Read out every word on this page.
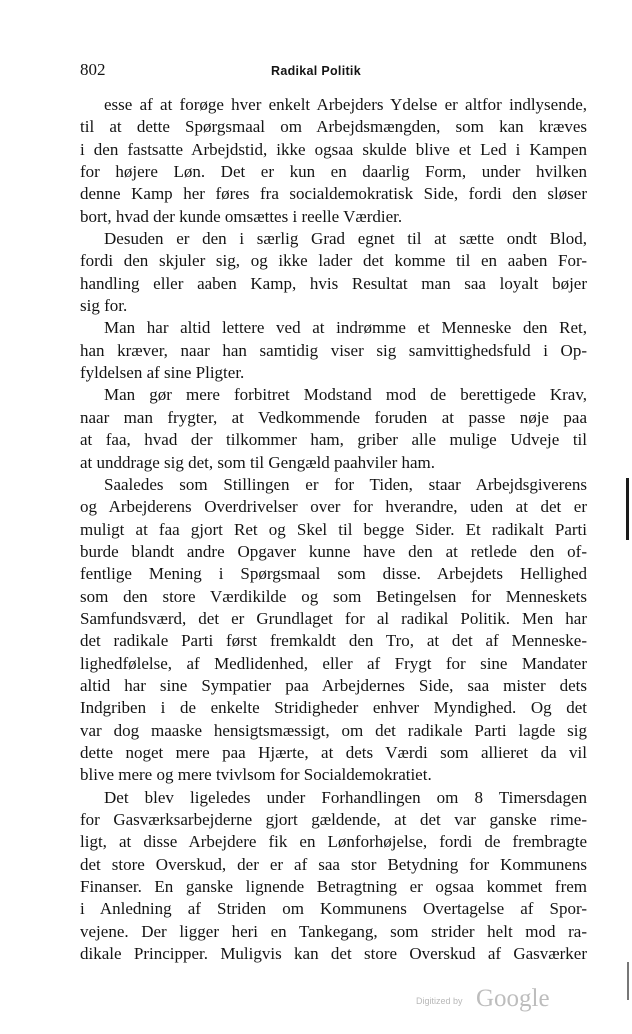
802	Radikal Politik

esse af at forøge hver enkelt Arbejders Ydelse er altfor indlysende,
til at dette Spørgsmaal om Arbejdsmængden, som kan kræves
i den fastsatte Arbejdstid, ikke ogsaa skulde blive et Led i Kampen
for højere Løn. Det er kun en daarlig Form, under hvilken
denne Kamp her føres fra socialdemokratisk Side, fordi den sløser
bort, hvad der kunde omsættes i reelle Værdier.

Desuden er den i særlig Grad egnet til at sætte ondt Blod,
fordi den skjuler sig, og ikke lader det komme til en aaben For-
handling eller aaben Kamp, hvis Resultat man saa loyalt bøjer
sig for.

Man har altid lettere ved at indrømme et Menneske den Ret,
han kræver, naar han samtidig viser sig samvittighedsfuld i Op-
fyldelsen af sine Pligter.

Man gør mere forbitret Modstand mod de berettigede Krav,
naar man frygter, at Vedkommende foruden at passe nøje paa
at faa, hvad der tilkommer ham, griber alle mulige Udveje til
at unddrage sig det, som til Gengæld paahviler ham.

Saaledes som Stillingen er for Tiden, staar Arbejdsgiverens
og Arbejderens Overdrivelser over for hverandre, uden at det er
muligt at faa gjort Ret og Skel til begge Sider. Et radikalt Parti
burde blandt andre Opgaver kunne have den at retlede den of-
fentlige Mening i Spørgsmaal som disse. Arbejdets Hellighed
som den store Værdikilde og som Betingelsen for Menneskets
Samfundsværd, det er Grundlaget for al radikal Politik. Men har
det radikale Parti først fremkaldt den Tro, at det af Menneske-
lighedfølelse, af Medlidenhed, eller af Frygt for sine Mandater
altid har sine Sympatier paa Arbejdernes Side, saa mister dets
Indgriben i de enkelte Stridigheder enhver Myndighed. Og det
var dog maaske hensigtsmæssigt, om det radikale Parti lagde sig
dette noget mere paa Hjærte, at dets Værdi som allieret da vil
blive mere og mere tvivlsom for Socialdemokratiet.

Det blev ligeledes under Forhandlingen om 8 Timersdagen
for Gasværksarbejderne gjort gældende, at det var ganske rime-
ligt, at disse Arbejdere fik en Lønforhøjelse, fordi de frembragte
det store Overskud, der er af saa stor Betydning for Kommunens
Finanser. En ganske lignende Betragtning er ogsaa kommet frem
i Anledning af Striden om Kommunens Overtagelse af Spor-
vejene. Der ligger heri en Tankegang, som strider helt mod ra-
dikale Principper. Muligvis kan det store Overskud af Gasværker

Digitized by Google
